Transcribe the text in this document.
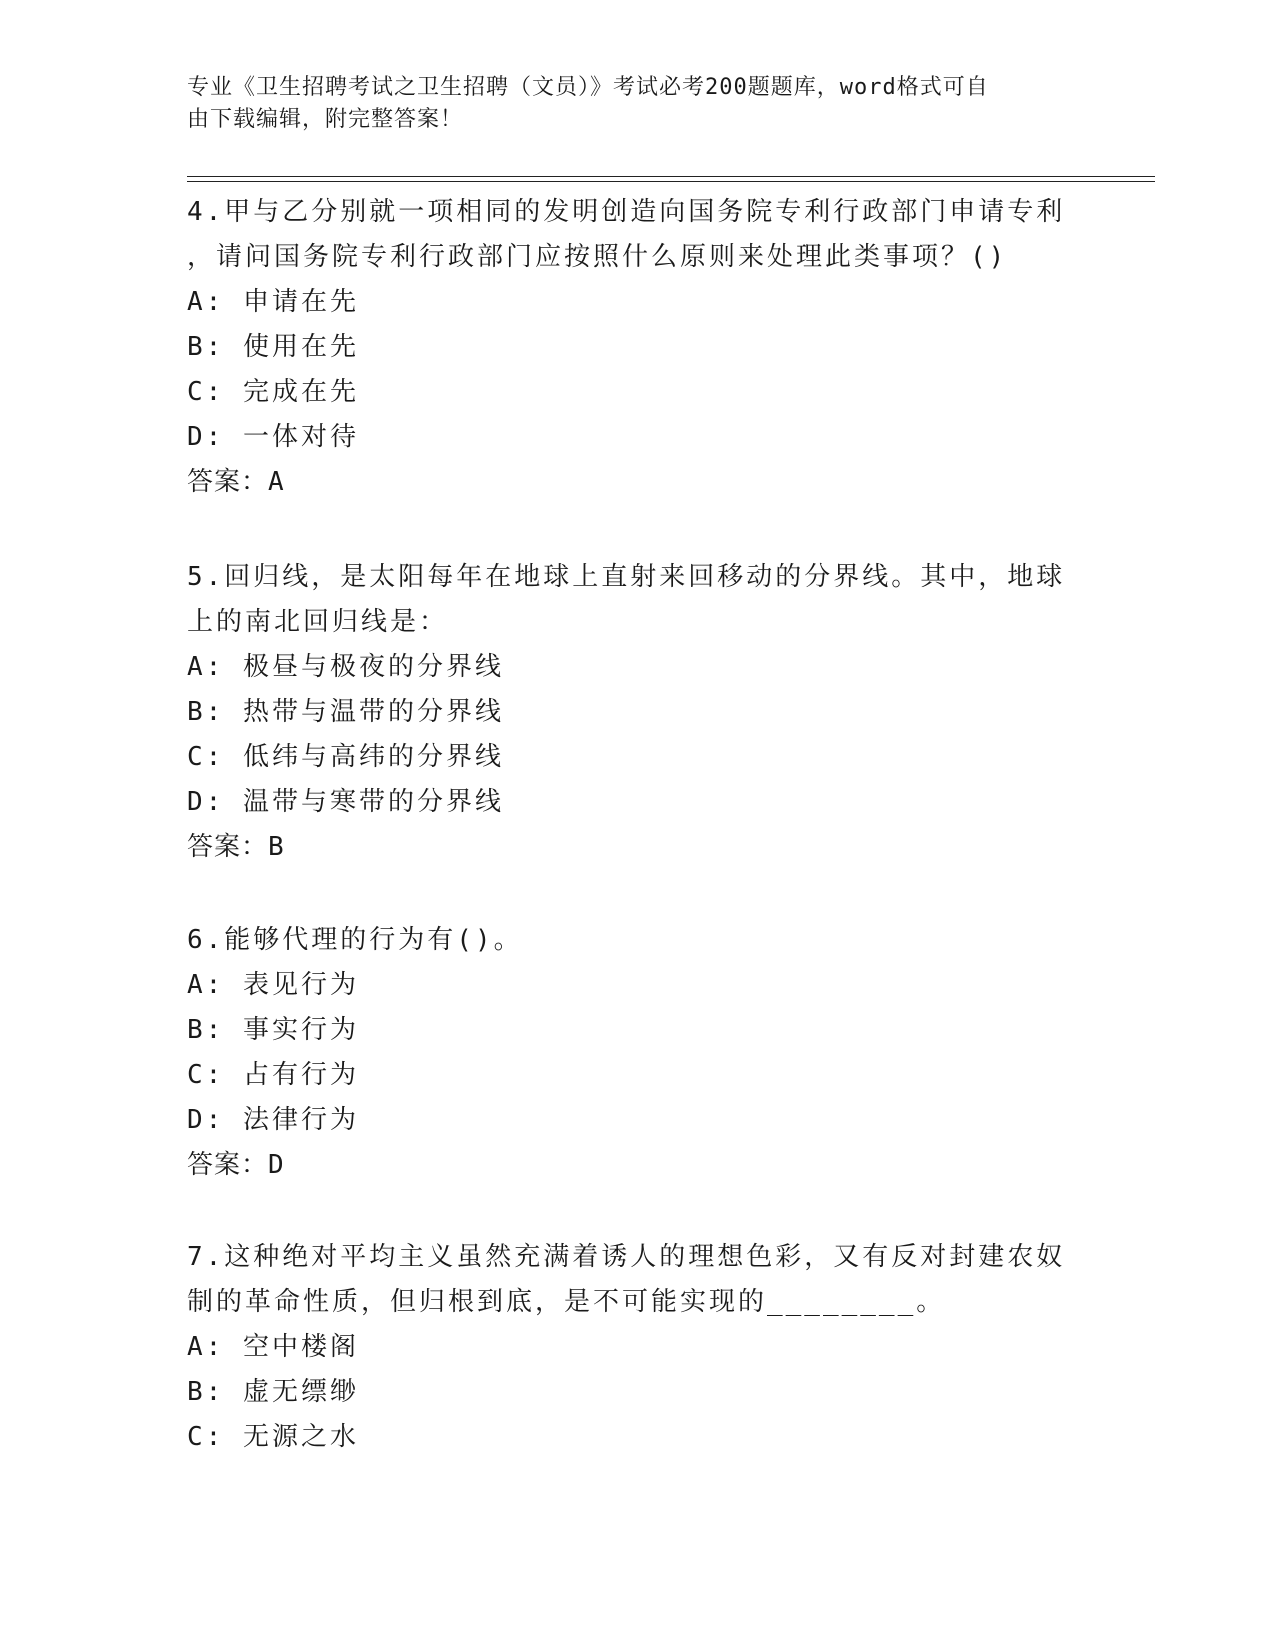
专业《卫生招聘考试之卫生招聘（文员）》考试必考200题题库，word格式可自
由下载编辑，附完整答案！
4.甲与乙分别就一项相同的发明创造向国务院专利行政部门申请专利
，请问国务院专利行政部门应按照什么原则来处理此类事项？()
A: 申请在先
B: 使用在先
C: 完成在先
D: 一体对待
答案：A
5.回归线，是太阳每年在地球上直射来回移动的分界线。其中，地球
上的南北回归线是：
A: 极昼与极夜的分界线
B: 热带与温带的分界线
C: 低纬与高纬的分界线
D: 温带与寒带的分界线
答案：B
6.能够代理的行为有()。
A: 表见行为
B: 事实行为
C: 占有行为
D: 法律行为
答案：D
7.这种绝对平均主义虽然充满着诱人的理想色彩，又有反对封建农奴
制的革命性质，但归根到底，是不可能实现的________。
A: 空中楼阁
B: 虚无缥缈
C: 无源之水
